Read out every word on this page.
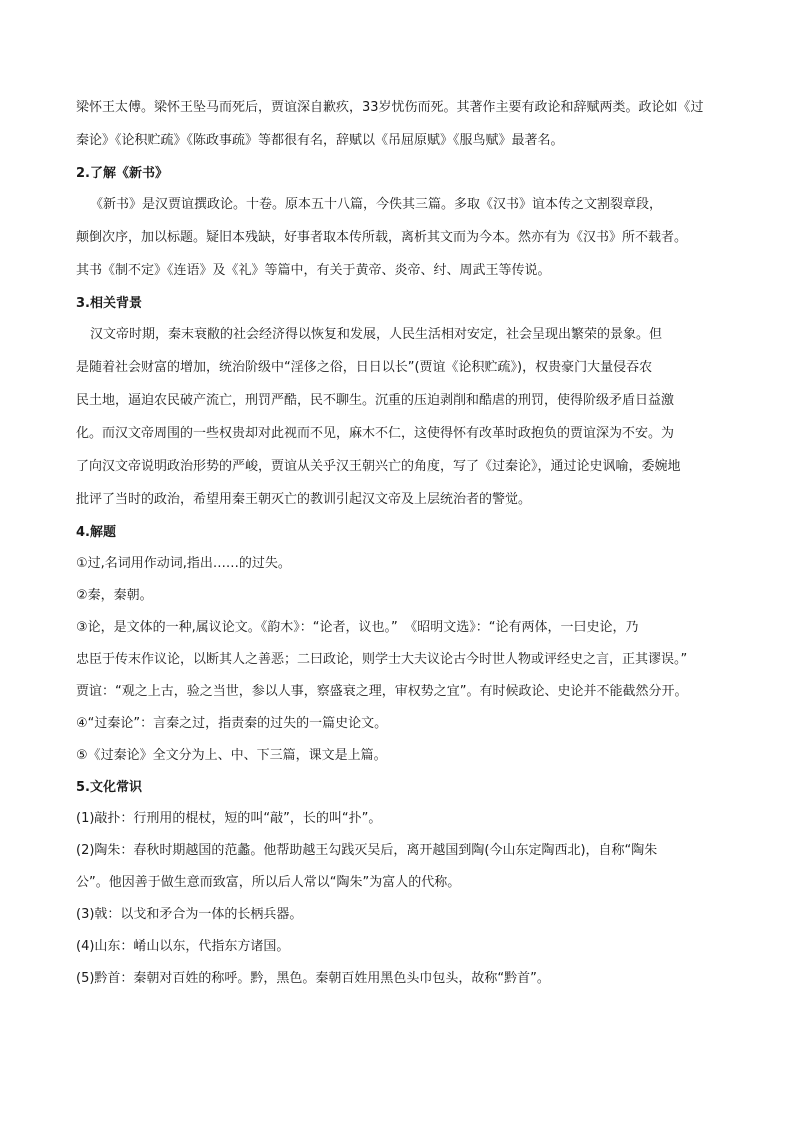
梁怀王太傅。梁怀王坠马而死后，贾谊深自歉疚，33岁忧伤而死。其著作主要有政论和辞赋两类。政论如《过

秦论》《论积贮疏》《陈政事疏》等都很有名，辞赋以《吊屈原赋》《服鸟赋》最著名。

2.了解《新书》

《新书》是汉贾谊撰政论。十卷。原本五十八篇，今佚其三篇。多取《汉书》谊本传之文割裂章段，

颠倒次序，加以标题。疑旧本残缺，好事者取本传所载，离析其文而为今本。然亦有为《汉书》所不载者。

其书《制不定》《连语》及《礼》等篇中，有关于黄帝、炎帝、纣、周武王等传说。

3.相关背景

汉文帝时期，秦末衰敝的社会经济得以恢复和发展，人民生活相对安定，社会呈现出繁荣的景象。但

是随着社会财富的增加，统治阶级中“淫侈之俗，日日以长”(贾谊《论积贮疏》)，权贵豪门大量侵吞农

民土地，逼迫农民破产流亡，刑罚严酷，民不聊生。沉重的压迫剥削和酷虐的刑罚，使得阶级矛盾日益激

化。而汉文帝周围的一些权贵却对此视而不见，麻木不仁，这使得怀有改革时政抱负的贾谊深为不安。为

了向汉文帝说明政治形势的严峻，贾谊从关乎汉王朝兴亡的角度，写了《过秦论》，通过论史讽喻，委婉地

批评了当时的政治，希望用秦王朝灭亡的教训引起汉文帝及上层统治者的警觉。

4.解题

①过,名词用作动词,指出……的过失。

②秦，秦朝。

③论，是文体的一种,属议论文。《韵木》：“论者，议也。”　《昭明文选》：“论有两体，一曰史论，乃

忠臣于传末作议论，以断其人之善恶；二曰政论，则学士大夫议论古今时世人物或评经史之言，正其谬误。”

贾谊：“观之上古，验之当世，参以人事，察盛衰之理，审权势之宜”。有时候政论、史论并不能截然分开。

④“过秦论”：言秦之过，指责秦的过失的一篇史论文。

⑤《过秦论》全文分为上、中、下三篇，课文是上篇。

5.文化常识

(1)敲扑：行刑用的棍杖，短的叫“敲”，长的叫“扑”。

(2)陶朱：春秋时期越国的范蠡。他帮助越王勾践灭吴后，离开越国到陶(今山东定陶西北)，自称“陶朱

公”。他因善于做生意而致富，所以后人常以“陶朱”为富人的代称。

(3)戟：以戈和矛合为一体的长柄兵器。

(4)山东：崤山以东，代指东方诸国。

(5)黔首：秦朝对百姓的称呼。黔，黑色。秦朝百姓用黑色头巾包头，故称“黔首”。
